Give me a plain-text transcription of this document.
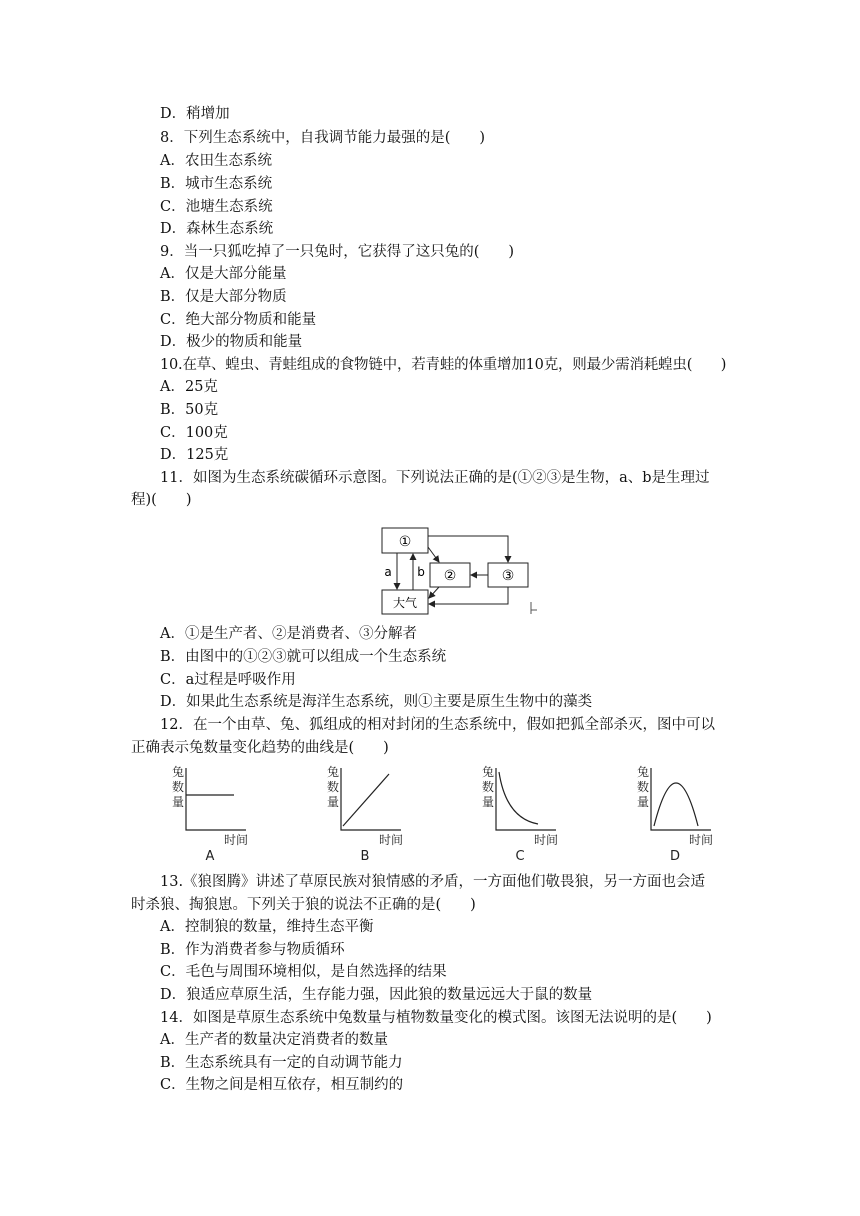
D．稍增加
8．下列生态系统中，自我调节能力最强的是(　　)
A．农田生态系统
B．城市生态系统
C．池塘生态系统
D．森林生态系统
9．当一只狐吃掉了一只兔时，它获得了这只兔的(　　)
A．仅是大部分能量
B．仅是大部分物质
C．绝大部分物质和能量
D．极少的物质和能量
10.在草、蝗虫、青蛙组成的食物链中，若青蛙的体重增加10克，则最少需消耗蝗虫(　　)
A．25克
B．50克
C．100克
D．125克
11．如图为生态系统碳循环示意图。下列说法正确的是(①②③是生物，a、b是生理过
程)(　　)
①
②	③
大气
a b
A．①是生产者、②是消费者、③分解者
B．由图中的①②③就可以组成一个生态系统
C．a过程是呼吸作用
D．如果此生态系统是海洋生态系统，则①主要是原生生物中的藻类
12．在一个由草、兔、狐组成的相对封闭的生态系统中，假如把狐全部杀灭，图中可以
正确表示兔数量变化趋势的曲线是(　　)
兔
数
量
时间
A
兔
数
量
时间
B
兔
数
量
时间
C
兔
数
量
时间
D
13.《狼图腾》讲述了草原民族对狼情感的矛盾，一方面他们敬畏狼，另一方面也会适
时杀狼、掏狼崽。下列关于狼的说法不正确的是(　　)
A．控制狼的数量，维持生态平衡
B．作为消费者参与物质循环
C．毛色与周围环境相似，是自然选择的结果
D．狼适应草原生活，生存能力强，因此狼的数量远远大于鼠的数量
14．如图是草原生态系统中兔数量与植物数量变化的模式图。该图无法说明的是(　　)
A．生产者的数量决定消费者的数量
B．生态系统具有一定的自动调节能力
C．生物之间是相互依存，相互制约的
